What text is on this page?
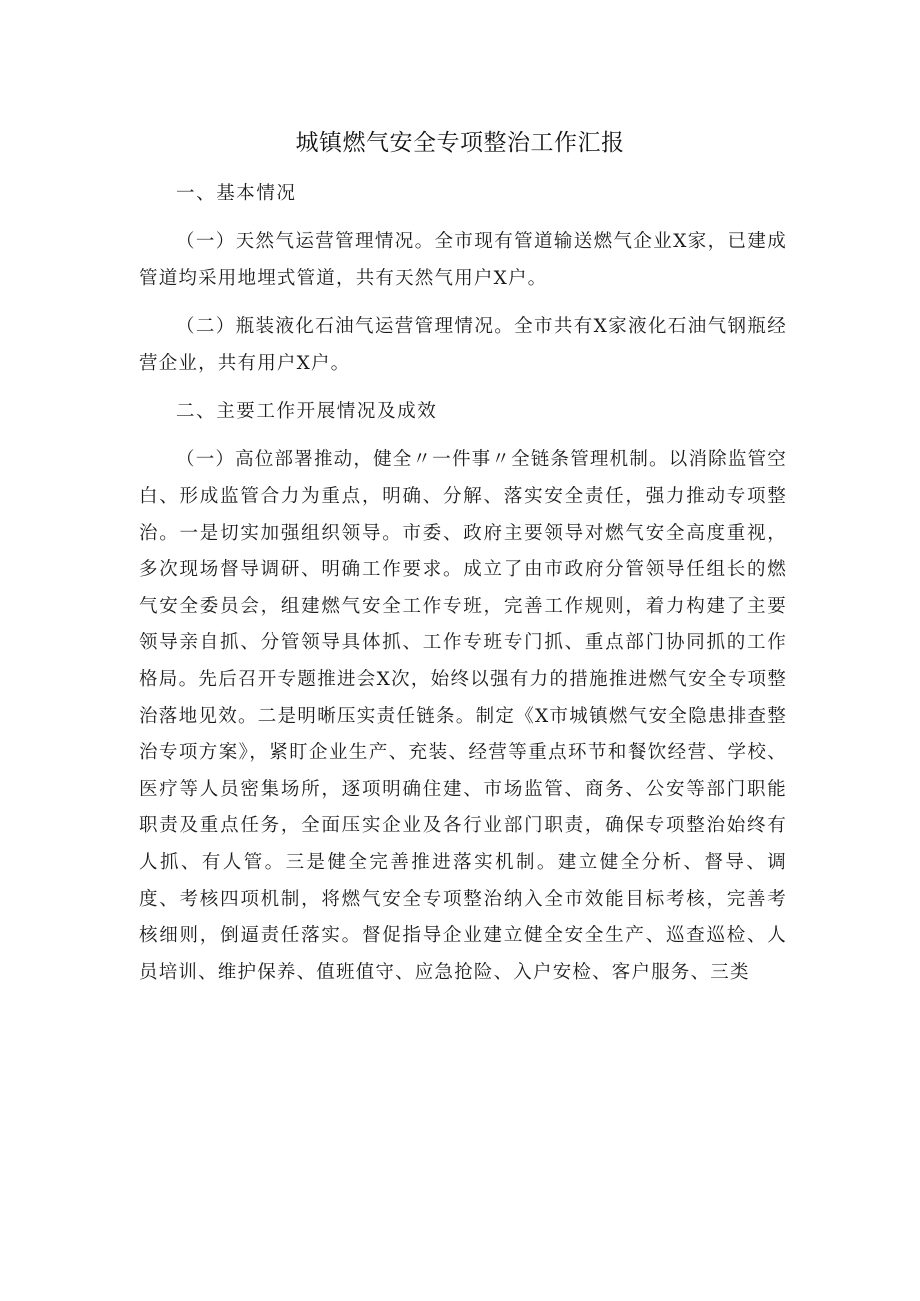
城镇燃气安全专项整治工作汇报
一、基本情况

（一）天然气运营管理情况。全市现有管道输送燃气企业X家，已建成管道均采用地埋式管道，共有天然气用户X户。

（二）瓶装液化石油气运营管理情况。全市共有X家液化石油气钢瓶经营企业，共有用户X户。

二、主要工作开展情况及成效

（一）高位部署推动，健全〃一件事〃全链条管理机制。以消除监管空白、形成监管合力为重点，明确、分解、落实安全责任，强力推动专项整治。一是切实加强组织领导。市委、政府主要领导对燃气安全高度重视，多次现场督导调研、明确工作要求。成立了由市政府分管领导任组长的燃气安全委员会，组建燃气安全工作专班，完善工作规则，着力构建了主要领导亲自抓、分管领导具体抓、工作专班专门抓、重点部门协同抓的工作格局。先后召开专题推进会X次，始终以强有力的措施推进燃气安全专项整治落地见效。二是明晰压实责任链条。制定《X市城镇燃气安全隐患排查整治专项方案》，紧盯企业生产、充装、经营等重点环节和餐饮经营、学校、医疗等人员密集场所，逐项明确住建、市场监管、商务、公安等部门职能职责及重点任务，全面压实企业及各行业部门职责，确保专项整治始终有人抓、有人管。三是健全完善推进落实机制。建立健全分析、督导、调度、考核四项机制，将燃气安全专项整治纳入全市效能目标考核，完善考核细则，倒逼责任落实。督促指导企业建立健全安全生产、巡查巡检、人员培训、维护保养、值班值守、应急抢险、入户安检、客户服务、三类
